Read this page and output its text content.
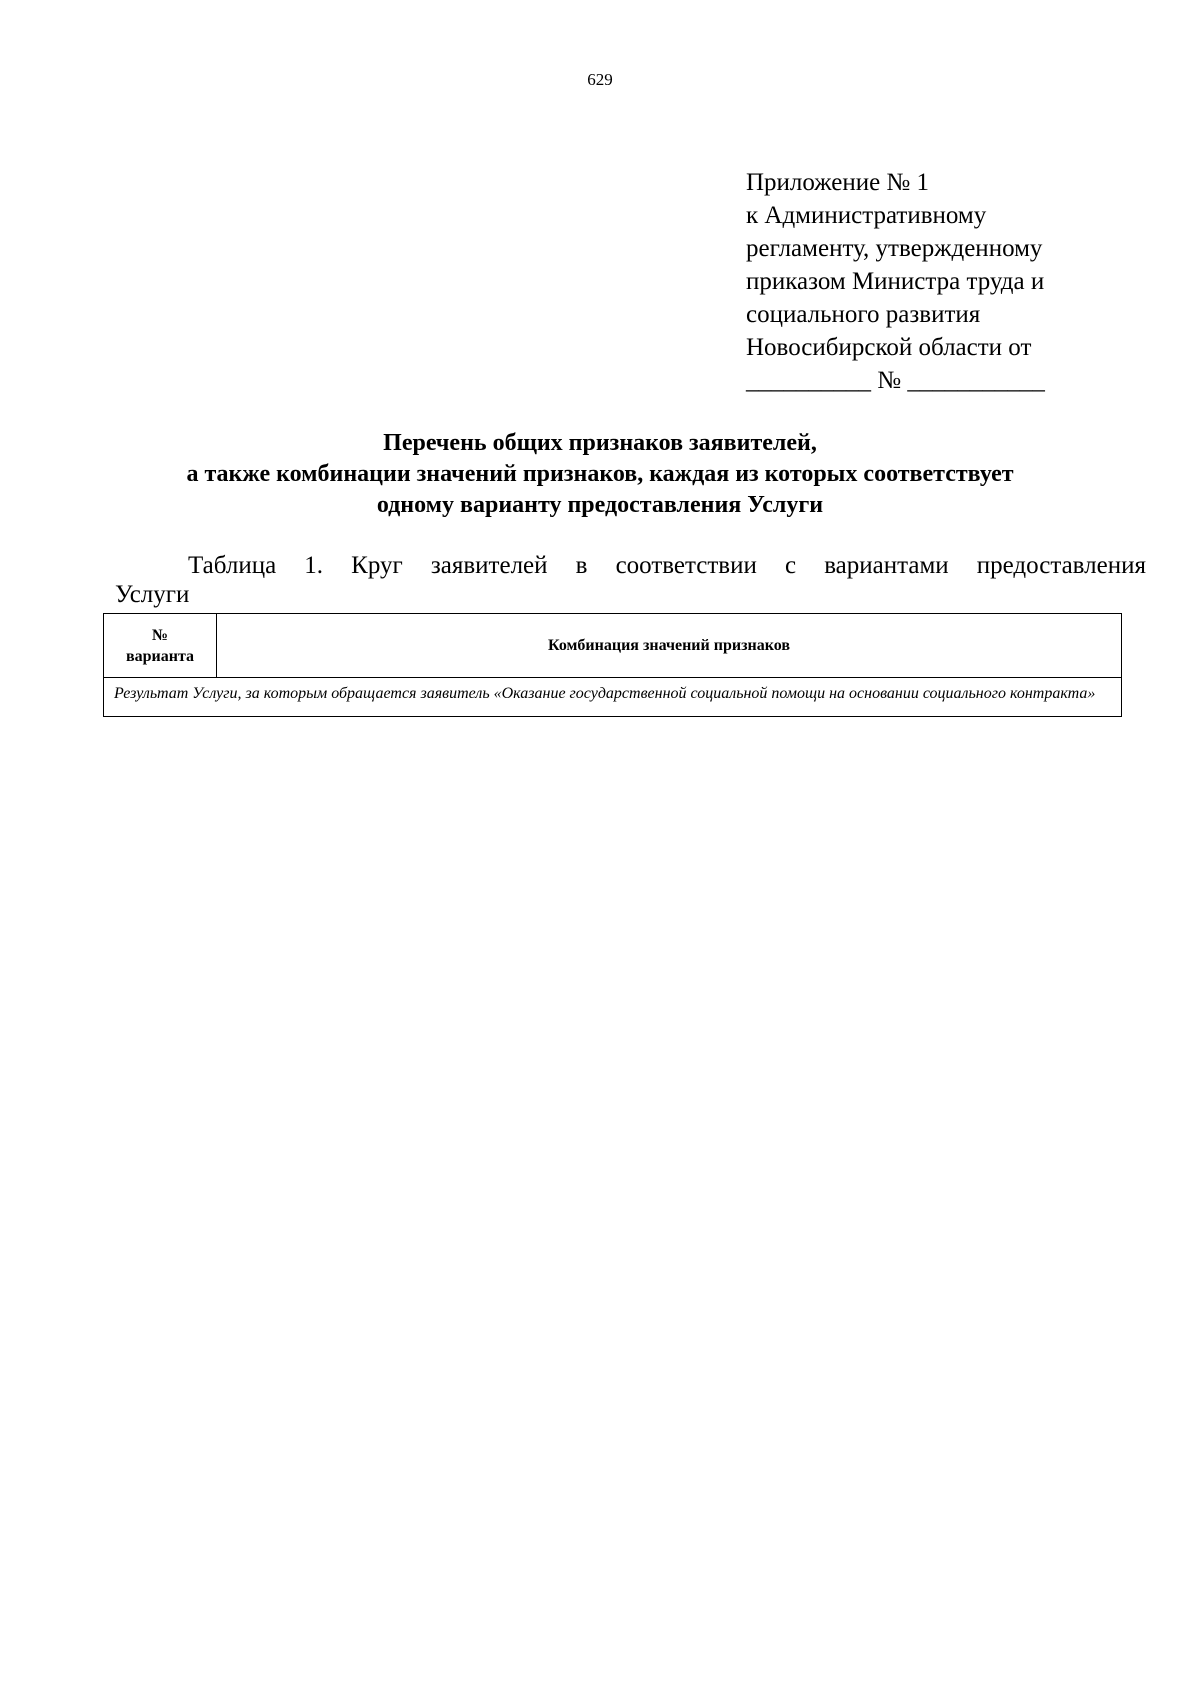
629
Приложение № 1
к Административному
регламенту, утвержденному
приказом Министра труда и
социального развития
Новосибирской области от
__________ № ___________
Перечень общих признаков заявителей,
а также комбинации значений признаков, каждая из которых соответствует
одному варианту предоставления Услуги
Таблица 1. Круг заявителей в соответствии с вариантами предоставления
Услуги
№
варианта
	Комбинация значений признаков
Результат Услуги, за которым обращается заявитель «Оказание государственной социальной помощи на основании социального контракта»
